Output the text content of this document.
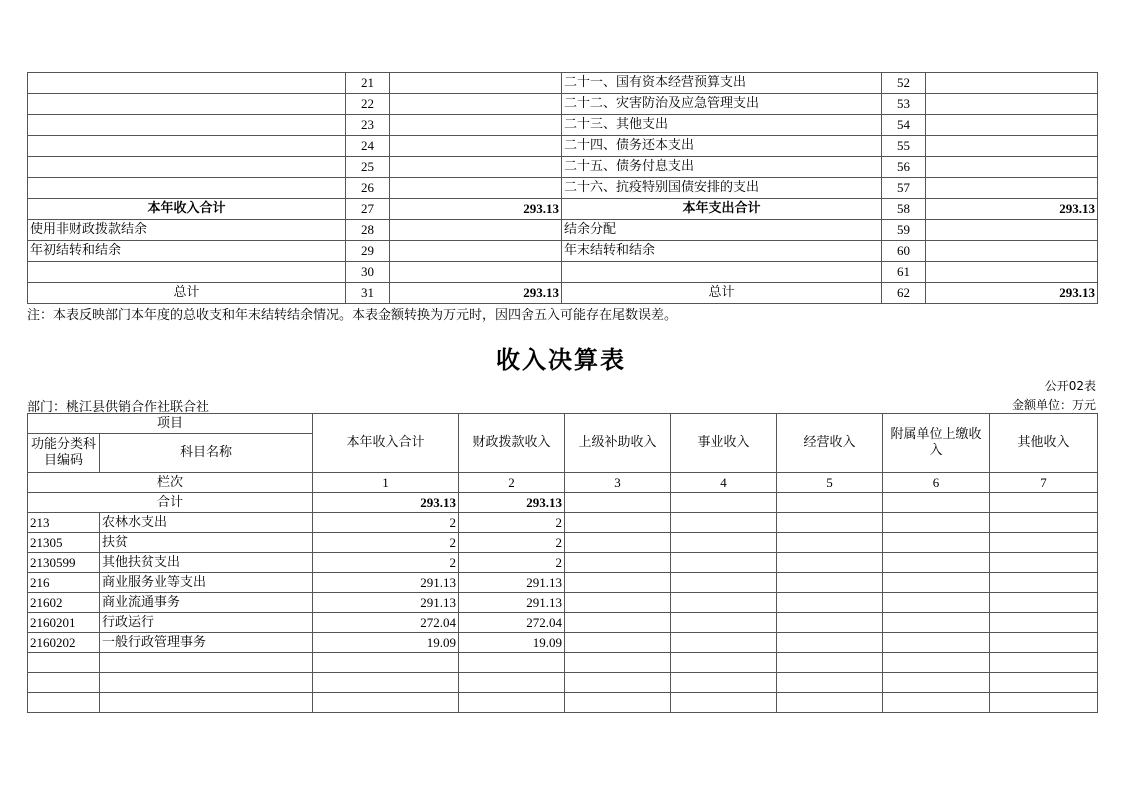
	21		二十一、国有资本经营预算支出	52	
	22		二十二、灾害防治及应急管理支出	53	
	23		二十三、其他支出	54	
	24		二十四、债务还本支出	55	
	25		二十五、债务付息支出	56	
	26		二十六、抗疫特别国债安排的支出	57	
本年收入合计	27	293.13	本年支出合计	58	293.13
使用非财政拨款结余	28		结余分配	59	
年初结转和结余	29		年末结转和结余	60	
	30			61	
总计	31	293.13	总计	62	293.13
注：本表反映部门本年度的总收支和年末结转结余情况。本表金额转换为万元时，因四舍五入可能存在尾数误差。
收入决算表
公开02表
部门：桃江县供销合作社联合社	金额单位：万元
项目		本年收入合计	财政拨款收入	上级补助收入	事业收入	经营收入	附属单位上缴收入	其他收入
功能分类科目编码	科目名称							
栏次		1	2	3	4	5	6	7
合计		293.13	293.13					
213	农林水支出	2	2					
21305	扶贫	2	2					
2130599	其他扶贫支出	2	2					
216	商业服务业等支出	291.13	291.13					
21602	商业流通事务	291.13	291.13					
2160201	行政运行	272.04	272.04					
2160202	一般行政管理事务	19.09	19.09					
